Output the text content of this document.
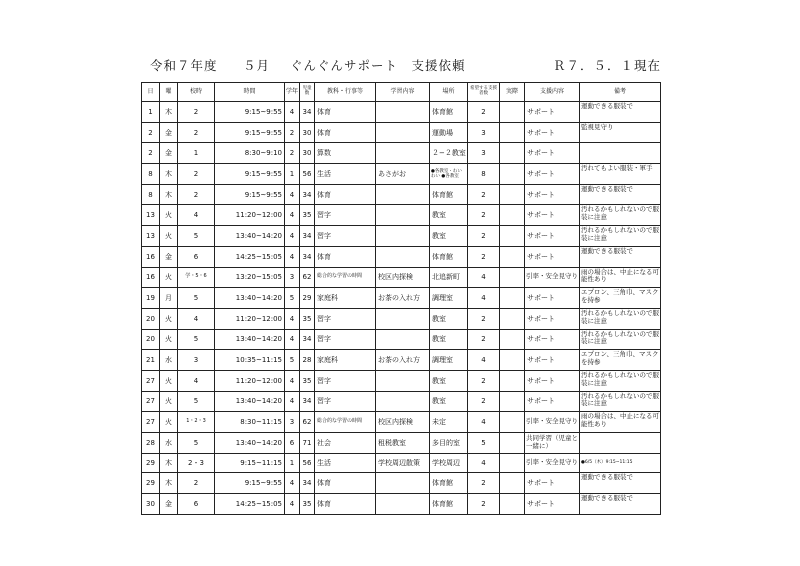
令和７年度 ５月 ぐんぐんサポート　支援依頼	Ｒ７．５．１現在
日	曜	校時	時間	学年	児童数	教科・行事等	学習内容	場所	希望する支援者数	実際	支援内容	備考
1	木	2	9:15~9:55	4	34	体育		体育館	2		サポート	運動できる服装で
2	金	2	9:15~9:55	2	30	体育		運動場	3		サポート	監視見守り
2	金	1	8:30~9:10	2	30	算数		２−２教室	3		サポート	
8	木	2	9:15~9:55	1	56	生活	あさがお	●各教室・わいわい ●各教室	8		サポート	汚れてもよい服装・軍手
8	木	2	9:15~9:55	4	34	体育		体育館	2		サポート	運動できる服装で
13	火	4	11:20~12:00	4	35	習字		教室	2		サポート	汚れるかもしれないので服装に注意
13	火	5	13:40~14:20	4	34	習字		教室	2		サポート	汚れるかもしれないので服装に注意
16	金	6	14:25~15:05	4	34	体育		体育館	2		サポート	運動できる服装で
16	火	学・5・6	13:20~15:05	3	62	総合的な学習の時間	校区内探検	北追新町	4		引率・安全見守り	雨の場合は、中止になる可能性あり
19	月	5	13:40~14:20	5	29	家庭科	お茶の入れ方	調理室	4		サポート	エプロン、三角巾、マスクを持参
20	火	4	11:20~12:00	4	35	習字		教室	2		サポート	汚れるかもしれないので服装に注意
20	火	5	13:40~14:20	4	34	習字		教室	2		サポート	汚れるかもしれないので服装に注意
21	水	3	10:35~11:15	5	28	家庭科	お茶の入れ方	調理室	4		サポート	エプロン、三角巾、マスクを持参
27	火	4	11:20~12:00	4	35	習字		教室	2		サポート	汚れるかもしれないので服装に注意
27	火	5	13:40~14:20	4	34	習字		教室	2		サポート	汚れるかもしれないので服装に注意
27	火	1・2・3	8:30~11:15	3	62	総合的な学習の時間	校区内探検	未定	4		引率・安全見守り	雨の場合は、中止になる可能性あり
28	水	5	13:40~14:20	6	71	社会	租税教室	多目的室	5		共同学習（児童と一緒に）	
29	木	2・3	9:15~11:15	1	56	生活	学校周辺散策	学校周辺	4		引率・安全見守り	●6/5（木）9:15~11:15
29	木	2	9:15~9:55	4	34	体育		体育館	2		サポート	運動できる服装で
30	金	6	14:25~15:05	4	35	体育		体育館	2		サポート	運動できる服装で
